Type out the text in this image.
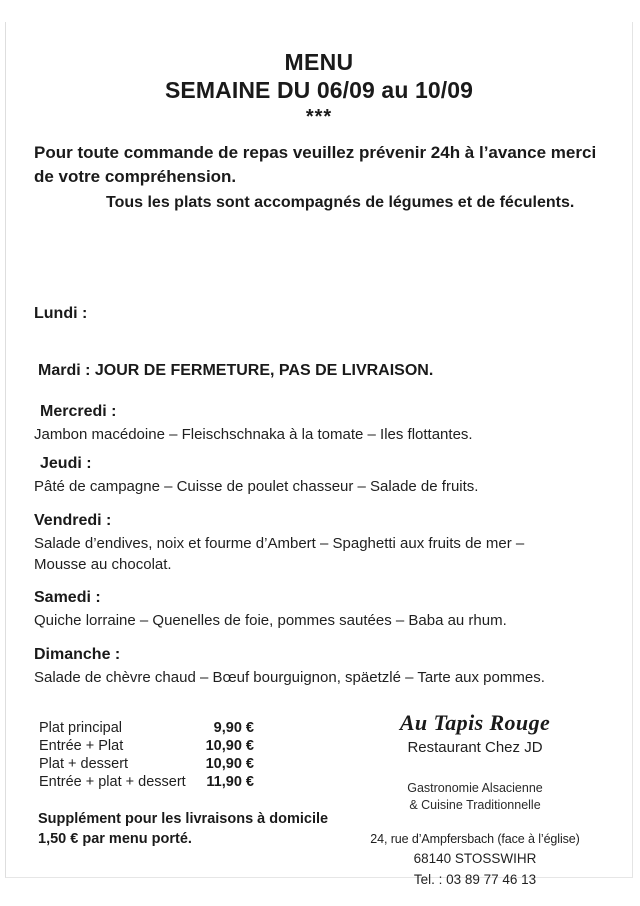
MENU
SEMAINE DU 06/09 au 10/09
***
Pour toute commande de repas veuillez prévenir 24h à l’avance merci de votre compréhension.
Tous les plats sont accompagnés de légumes et de féculents.
Lundi :
Mardi : JOUR DE FERMETURE, PAS DE LIVRAISON.
Mercredi :
Jambon macédoine – Fleischschnaka à la tomate – Iles flottantes.
Jeudi :
Pâté de campagne – Cuisse de poulet chasseur – Salade de fruits.
Vendredi :
Salade d’endives, noix et fourme d’Ambert – Spaghetti aux fruits de mer – Mousse au chocolat.
Samedi :
Quiche lorraine – Quenelles de foie, pommes sautées – Baba au rhum.
Dimanche :
Salade de chèvre chaud – Bœuf bourguignon, späetzlé – Tarte aux pommes.
Plat principal	9,90 €
Entrée + Plat	10,90 €
Plat + dessert	10,90 €
Entrée + plat + dessert 11,90 €
Supplément pour les livraisons à domicile
1,50 € par menu porté.
Au Tapis Rouge
Restaurant Chez JD
Gastronomie Alsacienne
& Cuisine Traditionnelle
24, rue d’Ampfersbach (face à l’église)
68140 STOSSWIHR
Tel. : 03 89 77 46 13
